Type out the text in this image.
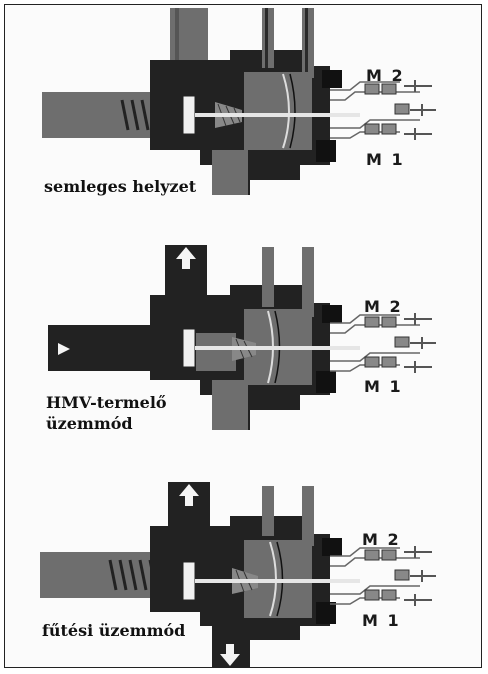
M 2
M 1
semleges helyzet
M 2
M 1
HMV-termelő
üzemmód
M 2
M 1
fűtési üzemmód
